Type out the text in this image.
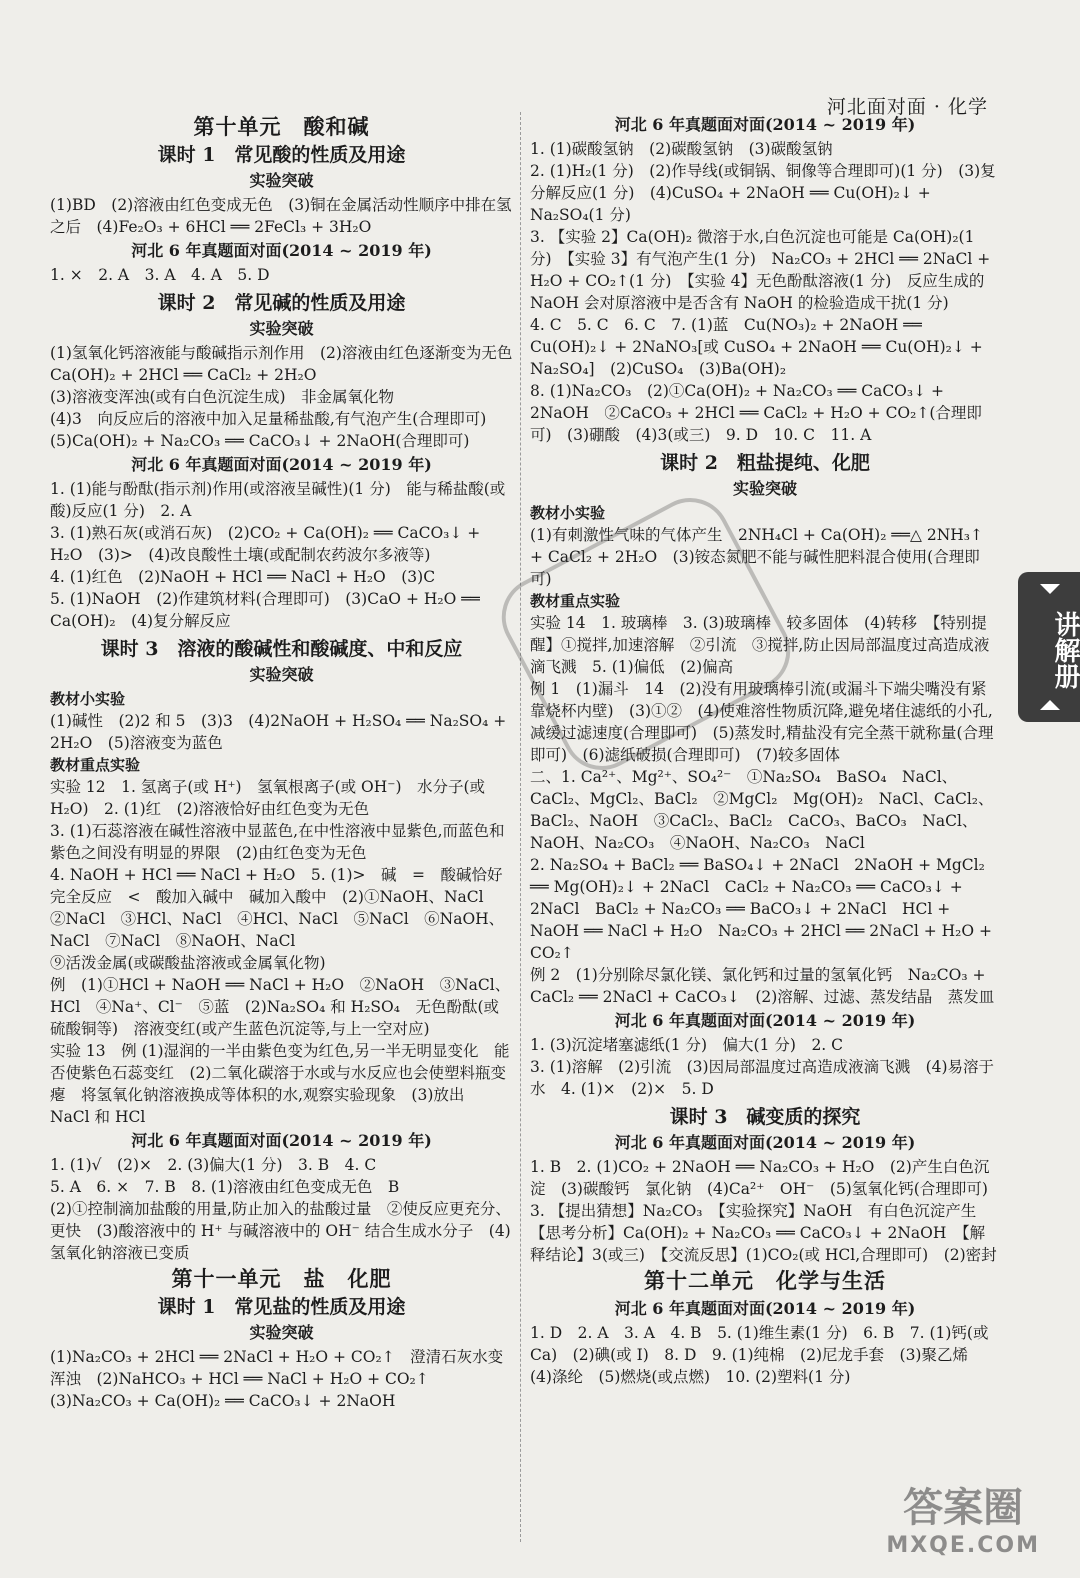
河北面对面 · 化学
第十单元　酸和碱
课时 1　常见酸的性质及用途
实验突破
(1)BD　(2)溶液由红色变成无色　(3)铜在金属活动性顺序中排在氢之后　(4)Fe₂O₃ + 6HCl ══ 2FeCl₃ + 3H₂O
河北 6 年真题面对面(2014 ~ 2019 年)
1. ×　2. A　3. A　4. A　5. D
课时 2　常见碱的性质及用途
实验突破
(1)氢氧化钙溶液能与酸碱指示剂作用　(2)溶液由红色逐渐变为无色　Ca(OH)₂ + 2HCl ══ CaCl₂ + 2H₂O
(3)溶液变浑浊(或有白色沉淀生成)　非金属氧化物
(4)3　向反应后的溶液中加入足量稀盐酸,有气泡产生(合理即可)　(5)Ca(OH)₂ + Na₂CO₃ ══ CaCO₃↓ + 2NaOH(合理即可)
河北 6 年真题面对面(2014 ~ 2019 年)
1. (1)能与酚酞(指示剂)作用(或溶液呈碱性)(1 分)　能与稀盐酸(或酸)反应(1 分)　2. A
3. (1)熟石灰(或消石灰)　(2)CO₂ + Ca(OH)₂ ══ CaCO₃↓ + H₂O　(3)>　(4)改良酸性土壤(或配制农药波尔多液等)
4. (1)红色　(2)NaOH + HCl ══ NaCl + H₂O　(3)C
5. (1)NaOH　(2)作建筑材料(合理即可)　(3)CaO + H₂O ══ Ca(OH)₂　(4)复分解反应
课时 3　溶液的酸碱性和酸碱度、中和反应
实验突破
教材小实验
(1)碱性　(2)2 和 5　(3)3　(4)2NaOH + H₂SO₄ ══ Na₂SO₄ + 2H₂O　(5)溶液变为蓝色
教材重点实验
实验 12　1. 氢离子(或 H⁺)　氢氧根离子(或 OH⁻)　水分子(或 H₂O)　2. (1)红　(2)溶液恰好由红色变为无色
3. (1)石蕊溶液在碱性溶液中显蓝色,在中性溶液中显紫色,而蓝色和紫色之间没有明显的界限　(2)由红色变为无色
4. NaOH + HCl ══ NaCl + H₂O　5. (1)>　碱　=　酸碱恰好完全反应　<　酸加入碱中　碱加入酸中　(2)①NaOH、NaCl　②NaCl　③HCl、NaCl　④HCl、NaCl　⑤NaCl　⑥NaOH、NaCl　⑦NaCl　⑧NaOH、NaCl
⑨活泼金属(或碳酸盐溶液或金属氧化物)
例　(1)①HCl + NaOH ══ NaCl + H₂O　②NaOH　③NaCl、HCl　④Na⁺、Cl⁻　⑤蓝　(2)Na₂SO₄ 和 H₂SO₄　无色酚酞(或硫酸铜等)　溶液变红(或产生蓝色沉淀等,与上一空对应)
实验 13　例 (1)湿润的一半由紫色变为红色,另一半无明显变化　能否使紫色石蕊变红　(2)二氧化碳溶于水或与水反应也会使塑料瓶变瘪　将氢氧化钠溶液换成等体积的水,观察实验现象　(3)放出　NaCl 和 HCl
河北 6 年真题面对面(2014 ~ 2019 年)
1. (1)√　(2)×　2. (3)偏大(1 分)　3. B　4. C
5. A　6. ×　7. B　8. (1)溶液由红色变成无色　B
(2)①控制滴加盐酸的用量,防止加入的盐酸过量　②使反应更充分、更快　(3)酸溶液中的 H⁺ 与碱溶液中的 OH⁻ 结合生成水分子　(4)氢氧化钠溶液已变质
第十一单元　盐　化肥
课时 1　常见盐的性质及用途
实验突破
(1)Na₂CO₃ + 2HCl ══ 2NaCl + H₂O + CO₂↑　澄清石灰水变浑浊　(2)NaHCO₃ + HCl ══ NaCl + H₂O + CO₂↑　(3)Na₂CO₃ + Ca(OH)₂ ══ CaCO₃↓ + 2NaOH
河北 6 年真题面对面(2014 ~ 2019 年)
1. (1)碳酸氢钠　(2)碳酸氢钠　(3)碳酸氢钠
2. (1)H₂(1 分)　(2)作导线(或铜锅、铜像等合理即可)(1 分)　(3)复分解反应(1 分)　(4)CuSO₄ + 2NaOH ══ Cu(OH)₂↓ + Na₂SO₄(1 分)
3. 【实验 2】Ca(OH)₂ 微溶于水,白色沉淀也可能是 Ca(OH)₂(1 分)　【实验 3】有气泡产生(1 分)　Na₂CO₃ + 2HCl ══ 2NaCl + H₂O + CO₂↑(1 分)　【实验 4】无色酚酞溶液(1 分)　反应生成的 NaOH 会对原溶液中是否含有 NaOH 的检验造成干扰(1 分)
4. C　5. C　6. C　7. (1)蓝　Cu(NO₃)₂ + 2NaOH ══ Cu(OH)₂↓ + 2NaNO₃[或 CuSO₄ + 2NaOH ══ Cu(OH)₂↓ + Na₂SO₄]　(2)CuSO₄　(3)Ba(OH)₂
8. (1)Na₂CO₃　(2)①Ca(OH)₂ + Na₂CO₃ ══ CaCO₃↓ + 2NaOH　②CaCO₃ + 2HCl ══ CaCl₂ + H₂O + CO₂↑(合理即可)　(3)硼酸　(4)3(或三)　9. D　10. C　11. A
课时 2　粗盐提纯、化肥
实验突破
教材小实验
(1)有刺激性气味的气体产生　2NH₄Cl + Ca(OH)₂ ══△ 2NH₃↑ + CaCl₂ + 2H₂O　(3)铵态氮肥不能与碱性肥料混合使用(合理即可)
教材重点实验
实验 14　1. 玻璃棒　3. (3)玻璃棒　较多固体　(4)转移　【特别提醒】①搅拌,加速溶解　②引流　③搅拌,防止因局部温度过高造成液滴飞溅　5. (1)偏低　(2)偏高
例 1　(1)漏斗　14　(2)没有用玻璃棒引流(或漏斗下端尖嘴没有紧靠烧杯内壁)　(3)①②　(4)使难溶性物质沉降,避免堵住滤纸的小孔,减缓过滤速度(合理即可)　(5)蒸发时,精盐没有完全蒸干就称量(合理即可)　(6)滤纸破损(合理即可)　(7)较多固体
二、1. Ca²⁺、Mg²⁺、SO₄²⁻　①Na₂SO₄　BaSO₄　NaCl、CaCl₂、MgCl₂、BaCl₂　②MgCl₂　Mg(OH)₂　NaCl、CaCl₂、BaCl₂、NaOH　③CaCl₂、BaCl₂　CaCO₃、BaCO₃　NaCl、NaOH、Na₂CO₃　④NaOH、Na₂CO₃　NaCl
2. Na₂SO₄ + BaCl₂ ══ BaSO₄↓ + 2NaCl　2NaOH + MgCl₂ ══ Mg(OH)₂↓ + 2NaCl　CaCl₂ + Na₂CO₃ ══ CaCO₃↓ + 2NaCl　BaCl₂ + Na₂CO₃ ══ BaCO₃↓ + 2NaCl　HCl + NaOH ══ NaCl + H₂O　Na₂CO₃ + 2HCl ══ 2NaCl + H₂O + CO₂↑
例 2　(1)分别除尽氯化镁、氯化钙和过量的氢氧化钙　Na₂CO₃ + CaCl₂ ══ 2NaCl + CaCO₃↓　(2)溶解、过滤、蒸发结晶　蒸发皿
河北 6 年真题面对面(2014 ~ 2019 年)
1. (3)沉淀堵塞滤纸(1 分)　偏大(1 分)　2. C
3. (1)溶解　(2)引流　(3)因局部温度过高造成液滴飞溅　(4)易溶于水　4. (1)×　(2)×　5. D
课时 3　碱变质的探究
河北 6 年真题面对面(2014 ~ 2019 年)
1. B　2. (1)CO₂ + 2NaOH ══ Na₂CO₃ + H₂O　(2)产生白色沉淀　(3)碳酸钙　氯化钠　(4)Ca²⁺　OH⁻　(5)氢氧化钙(合理即可)　3. 【提出猜想】Na₂CO₃　【实验探究】NaOH　有白色沉淀产生　【思考分析】Ca(OH)₂ + Na₂CO₃ ══ CaCO₃↓ + 2NaOH　【解释结论】3(或三)　【交流反思】(1)CO₂(或 HCl,合理即可)　(2)密封
第十二单元　化学与生活
河北 6 年真题面对面(2014 ~ 2019 年)
1. D　2. A　3. A　4. B　5. (1)维生素(1 分)　6. B　7. (1)钙(或 Ca)　(2)碘(或 I)　8. D　9. (1)纯棉　(2)尼龙手套　(3)聚乙烯　(4)涤纶　(5)燃烧(或点燃)　10. (2)塑料(1 分)
讲解册
答案圈
MXQE.COM
